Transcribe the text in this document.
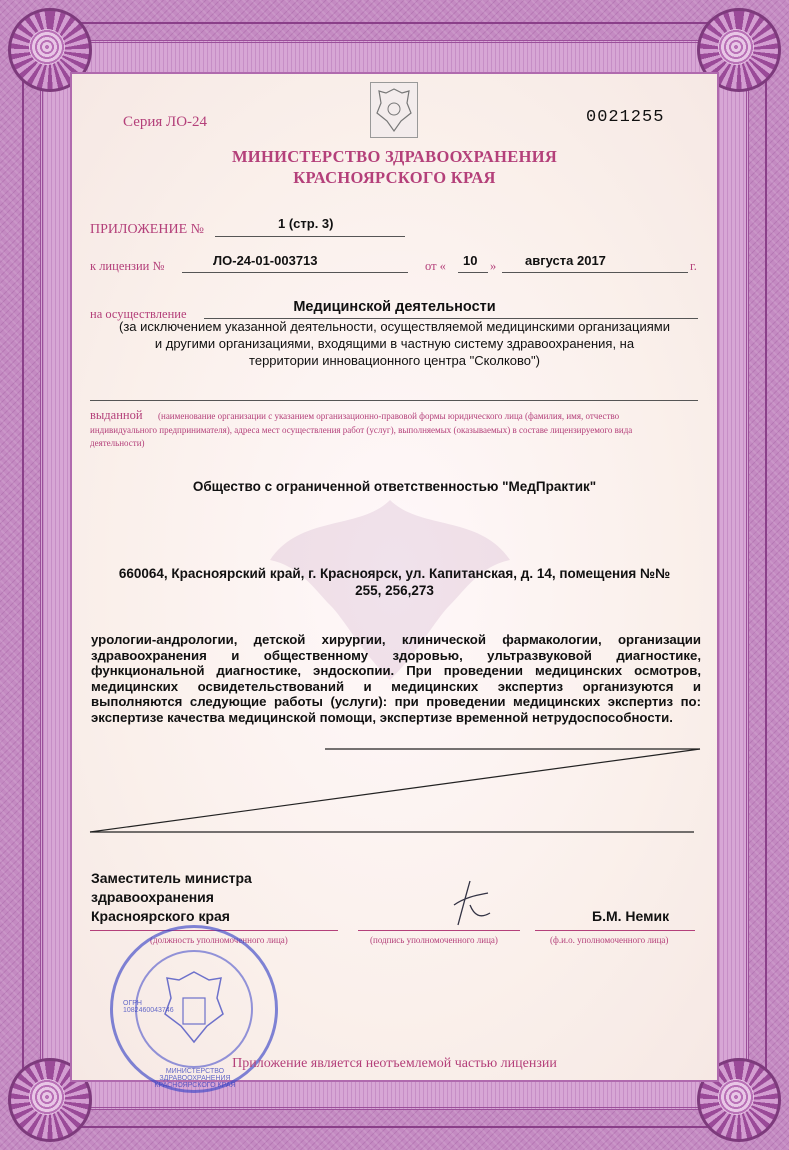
Серия ЛО-24	0021255
МИНИСТЕРСТВО ЗДРАВООХРАНЕНИЯ
КРАСНОЯРСКОГО КРАЯ
ПРИЛОЖЕНИЕ №	1 (стр. 3)
к лицензии №	ЛО-24-01-003713	от « 10 » августа 2017	г.
на осуществление	Медицинской деятельности
(за исключением указанной деятельности, осуществляемой медицинскими организациями
и другими организациями, входящими в частную систему здравоохранения, на
территории инновационного центра "Сколково")
выданной (наименование организации с указанием организационно-правовой формы юридического лица (фамилия, имя, отчество
индивидуального предпринимателя), адреса мест осуществления работ (услуг), выполняемых (оказываемых) в составе лицензируемого вида
деятельности)
Общество с ограниченной ответственностью "МедПрактик"
660064, Красноярский край, г. Красноярск, ул. Капитанская, д. 14, помещения №№
255, 256,273
урологии-андрологии, детской хирургии, клинической фармакологии, организации здравоохранения и общественному здоровью, ультразвуковой диагностике, функциональной диагностике, эндоскопии. При проведении медицинских осмотров, медицинских освидетельствований и медицинских экспертиз организуются и выполняются следующие работы (услуги): при проведении медицинских экспертиз по: экспертизе качества медицинской помощи, экспертизе временной нетрудоспособности.
Заместитель министра
здравоохранения
Красноярского края	Б.М. Немик
(должность уполномоченного лица)	(подпись уполномоченного лица)	(ф.и.о. уполномоченного лица)
ОГРН 1082460043746
МИНИСТЕРСТВО ЗДРАВООХРАНЕНИЯ КРАСНОЯРСКОГО КРАЯ
Приложение является неотъемлемой частью лицензии
